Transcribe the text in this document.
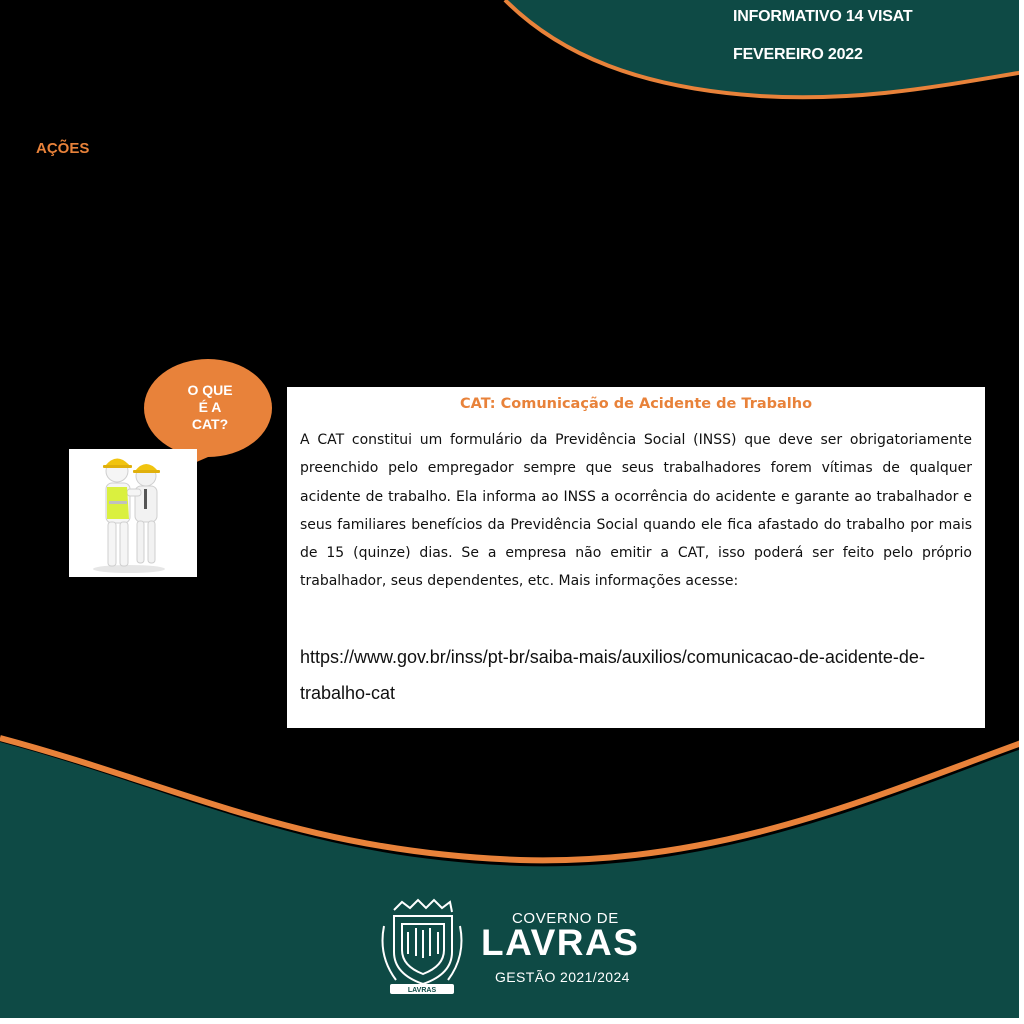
INFORMATIVO 14 VISAT
FEVEREIRO 2022
AÇÕES
O QUE
É A
CAT?
CAT: Comunicação de Acidente de Trabalho
A CAT constitui um formulário da Previdência Social (INSS) que deve ser obrigatoriamente preenchido pelo empregador sempre que seus trabalhadores forem vítimas de qualquer acidente de trabalho. Ela informa ao INSS a ocorrência do acidente e garante ao trabalhador e seus familiares benefícios da Previdência Social quando ele fica afastado do trabalho por mais de 15 (quinze) dias. Se a empresa não emitir a CAT, isso poderá ser feito pelo próprio trabalhador, seus dependentes, etc. Mais informações acesse:
https://www.gov.br/inss/pt-br/saiba-mais/auxilios/comunicacao-de-acidente-de-trabalho-cat
LAVRAS
COVERNO DE
LAVRAS
GESTÃO 2021/2024
